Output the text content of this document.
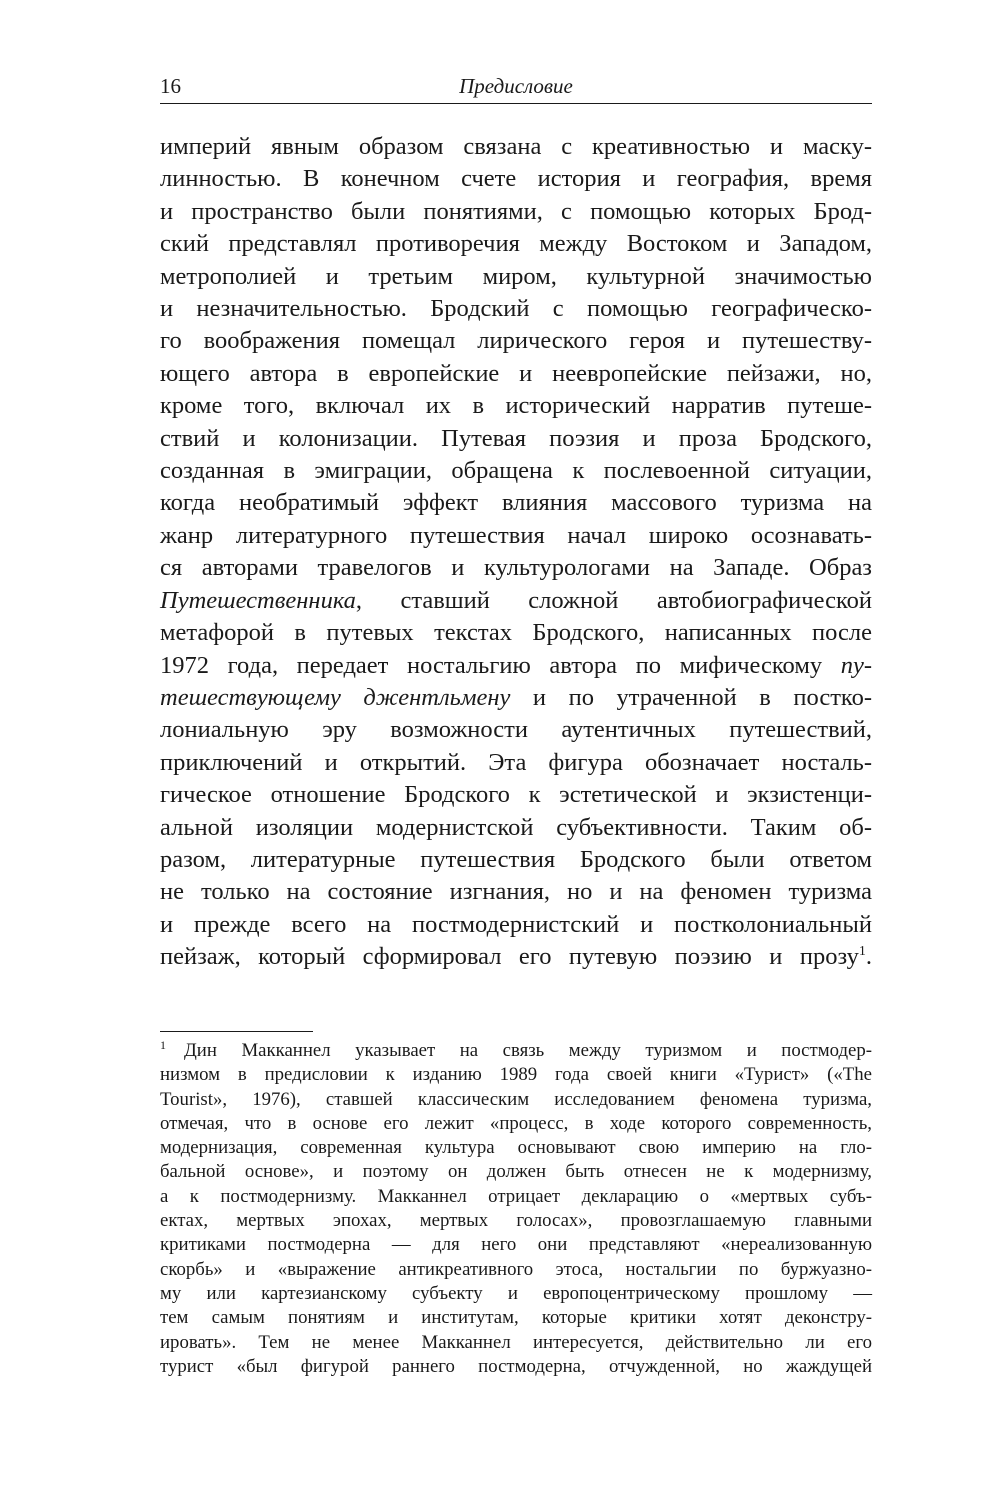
16	Предисловие
империй явным образом связана с креативностью и маску-
линностью. В конечном счете история и география, время
и пространство были понятиями, с помощью которых Брод-
ский представлял противоречия между Востоком и Западом,
метрополией и третьим миром, культурной значимостью
и незначительностью. Бродский с помощью географическо-
го воображения помещал лирического героя и путешеству-
ющего автора в европейские и неевропейские пейзажи, но,
кроме того, включал их в исторический нарратив путеше-
ствий и колонизации. Путевая поэзия и проза Бродского,
созданная в эмиграции, обращена к послевоенной ситуации,
когда необратимый эффект влияния массового туризма на
жанр литературного путешествия начал широко осознавать-
ся авторами травелогов и культурологами на Западе. Образ
Путешественника, ставший сложной автобиографической
метафорой в путевых текстах Бродского, написанных после
1972 года, передает ностальгию автора по мифическому пу-
тешествующему джентльмену и по утраченной в постко-
лониальную эру возможности аутентичных путешествий,
приключений и открытий. Эта фигура обозначает носталь-
гическое отношение Бродского к эстетической и экзистенци-
альной изоляции модернистской субъективности. Таким об-
разом, литературные путешествия Бродского были ответом
не только на состояние изгнания, но и на феномен туризма
и прежде всего на постмодернистский и постколониальный
пейзаж, который сформировал его путевую поэзию и прозу$^1$.
1 Дин Макканнел указывает на связь между туризмом и постмодер-
низмом в предисловии к изданию 1989 года своей книги «Турист» («The
Tourist», 1976), ставшей классическим исследованием феномена туризма,
отмечая, что в основе его лежит «процесс, в ходе которого современность,
модернизация, современная культура основывают свою империю на гло-
бальной основе», и поэтому он должен быть отнесен не к модернизму,
а к постмодернизму. Макканнел отрицает декларацию о «мертвых субъ-
ектах, мертвых эпохах, мертвых голосах», провозглашаемую главными
критиками постмодерна — для него они представляют «нереализованную
скорбь» и «выражение антикреативного этоса, ностальгии по буржуазно-
му или картезианскому субъекту и европоцентрическому прошлому —
тем самым понятиям и институтам, которые критики хотят деконстру-
ировать». Тем не менее Макканнел интересуется, действительно ли его
турист «был фигурой раннего постмодерна, отчужденной, но жаждущей
